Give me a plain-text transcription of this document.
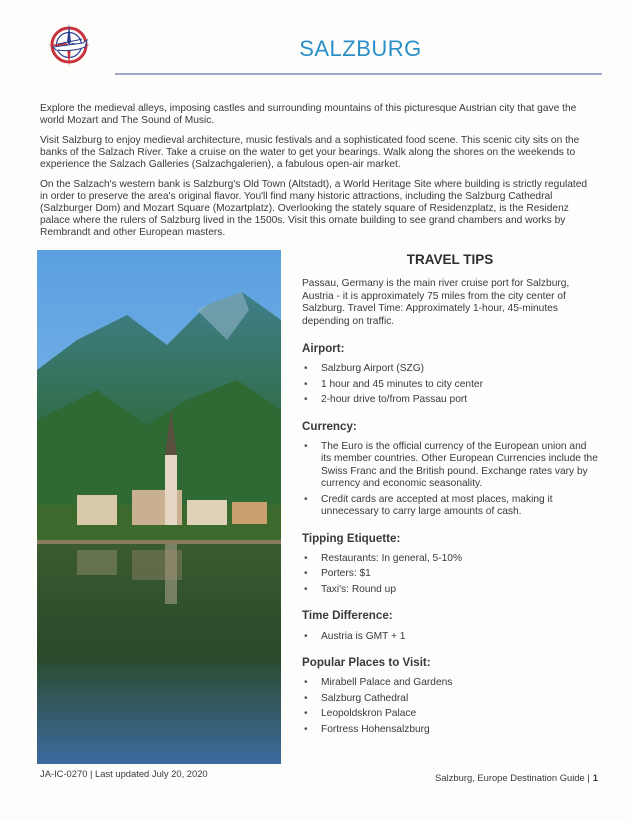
SALZBURG

Explore the medieval alleys, imposing castles and surrounding mountains of this picturesque Austrian city that gave the world Mozart and The Sound of Music.

Visit Salzburg to enjoy medieval architecture, music festivals and a sophisticated food scene. This scenic city sits on the banks of the Salzach River. Take a cruise on the water to get your bearings. Walk along the shores on the weekends to experience the Salzach Galleries (Salzachgalerien), a fabulous open-air market.

On the Salzach's western bank is Salzburg's Old Town (Altstadt), a World Heritage Site where building is strictly regulated in order to preserve the area's original flavor. You'll find many historic attractions, including the Salzburg Cathedral (Salzburger Dom) and Mozart Square (Mozartplatz). Overlooking the stately square of Residenzplatz, is the Residenz palace where the rulers of Salzburg lived in the 1500s. Visit this ornate building to see grand chambers and works by Rembrandt and other European masters.

TRAVEL TIPS

Passau, Germany is the main river cruise port for Salzburg, Austria - it is approximately 75 miles from the city center of Salzburg. Travel Time: Approximately 1-hour, 45-minutes depending on traffic.

Airport:
• Salzburg Airport (SZG)
• 1 hour and 45 minutes to city center
• 2-hour drive to/from Passau port
Currency:
• The Euro is the official currency of the European union and its member countries. Other European Currencies include the Swiss Franc and the British pound. Exchange rates vary by currency and economic seasonality.
• Credit cards are accepted at most places, making it unnecessary to carry large amounts of cash.
Tipping Etiquette:
• Restaurants: In general, 5-10%
• Porters: $1
• Taxi's: Round up
Time Difference:
• Austria is GMT + 1
Popular Places to Visit:
• Mirabell Palace and Gardens
• Salzburg Cathedral
• Leopoldskron Palace
• Fortress Hohensalzburg
JA-IC-0270 | Last updated July 20, 2020	Salzburg, Europe Destination Guide | 1
